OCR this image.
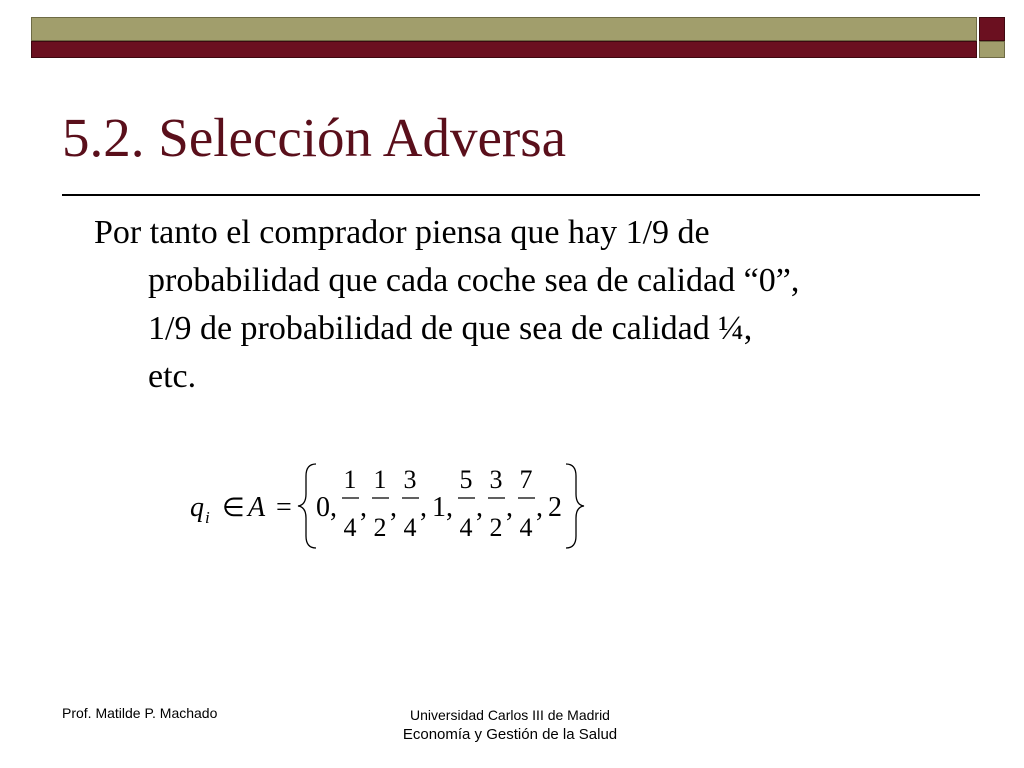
5.2. Selección Adversa

Por tanto el comprador piensa que hay 1/9 de
probabilidad que cada coche sea de calidad “0”,
1/9 de probabilidad de que sea de calidad ¼,
etc.

q i ∈ A = 0 ,
1
4
,
1
2
,
3
4
, 1 ,
5
4
,
3
2
,
7
4
, 2
Prof. Matilde P. Machado	Universidad Carlos III de Madrid
Economía y Gestión de la Salud
